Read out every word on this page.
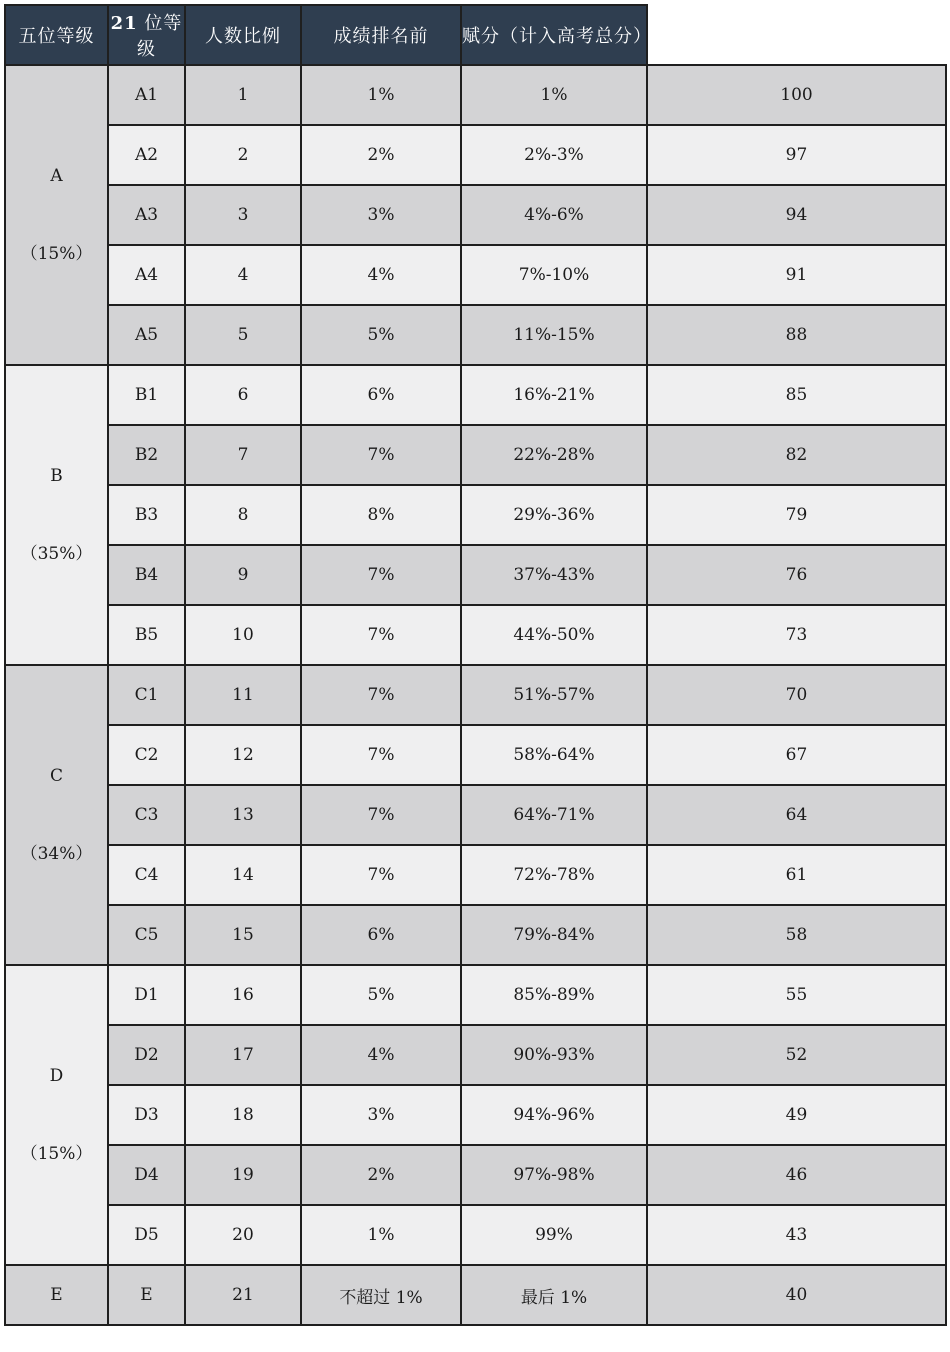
五位等级	21 位等级	人数比例	成绩排名前	赋分（计入高考总分）	

A
（15%）	A1	1	1%	1%	100
	A2	2	2%	2%-3%	97
	A3	3	3%	4%-6%	94
	A4	4	4%	7%-10%	91
	A5	5	5%	11%-15%	88

B
（35%）	B1	6	6%	16%-21%	85
	B2	7	7%	22%-28%	82
	B3	8	8%	29%-36%	79
	B4	9	7%	37%-43%	76
	B5	10	7%	44%-50%	73

C
（34%）	C1	11	7%	51%-57%	70
	C2	12	7%	58%-64%	67
	C3	13	7%	64%-71%	64
	C4	14	7%	72%-78%	61
	C5	15	6%	79%-84%	58

D
（15%）	D1	16	5%	85%-89%	55
	D2	17	4%	90%-93%	52
	D3	18	3%	94%-96%	49
	D4	19	2%	97%-98%	46
	D5	20	1%	99%	43
E	E	21	不超过 1%	最后 1%	40
